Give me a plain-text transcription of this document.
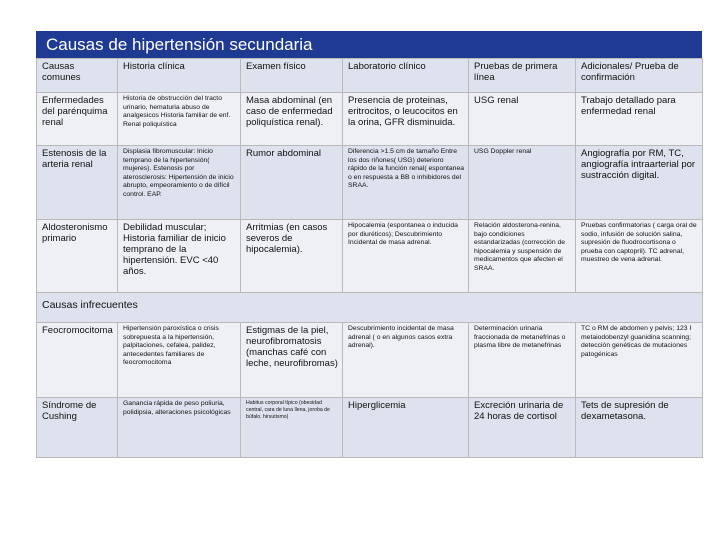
Causas de hipertensión secundaria
Causas comunes	Historia clínica	Examen físico	Laboratorio clínico	Pruebas de primera línea	Adicionales/ Prueba de confirmación
Enfermedades del parénquima renal	Historia de obstrucción del tracto urinario, hematuria abuso de analgesicos Historia familiar de enf. Renal poliquística	Masa abdominal (en caso de enfermedad poliquística renal).	Presencia de proteinas, eritrocitos, o leucocitos en la orina, GFR disminuida.	USG renal	Trabajo detallado para enfermedad renal
Estenosis de la arteria renal	Displasia fibromuscular: Inicio temprano de la hipertensión( mujeres). Estenosis por aterosclerosis: Hipertensión de inicio abrupto, empeoramiento o de difícil control. EAP.	Rumor abdominal	Diferencia >1.5 cm de tamaño Entre los dos riñones( USG) deterioro rápido de la función renal( espontanea o en respuesta a BB o inhibidores del SRAA.	USG Doppler renal	Angiografía por RM, TC, angiografía intraarterial por sustracción digital.
Aldosteronismo primario	Debilidad muscular; Historia familiar de inicio temprano de la hipertensión. EVC <40 años.	Arritmias (en casos severos de hipocalemia).	Hipocalemia (espontanea o inducida por diuréticos); Descubrimiento Incidental de masa adrenal.	Relación aldosterona-renina, bajo condiciones estandarizadas (corrección de hipocalemia y suspensión de medicamentos que afecten el SRAA.	Pruebas confirmatorias ( carga oral de sodio, infusión de solución salina, supresión de fluodrocortisona o prueba con captopril). TC adrenal, muestreo de vena adrenal.
Causas infrecuentes					
Feocromocitoma	Hipertensión paroxística o crisis sobrepuesta a la hipertensión, palpitaciones, cefalea, palidez, antecedentes familiares de feocromocitoma	Estigmas de la piel, neurofibromatosis (manchas café con leche, neurofibromas)	Descubrimiento incidental de masa adrenal ( o en algunos casos extra adrenal).	Determinación urinaria fraccionada de metanefrinas o plasma libre de metanefrinas	TC o RM de abdomen y pelvis; 123 I metaiodobenzyl guanidina scanning; detección genéticas de mutaciones patogénicas
Síndrome de Cushing	Ganancia rápida de peso poliuria, polidipsia, alteraciones psicológicas	Habitus corporal típico (obesidad central, cara de luna llena, joroba de búfalo, hirsutismo)	Hiperglicemia	Excreción urinaria de 24 horas de cortisol	Tets de supresión de dexametasona.
